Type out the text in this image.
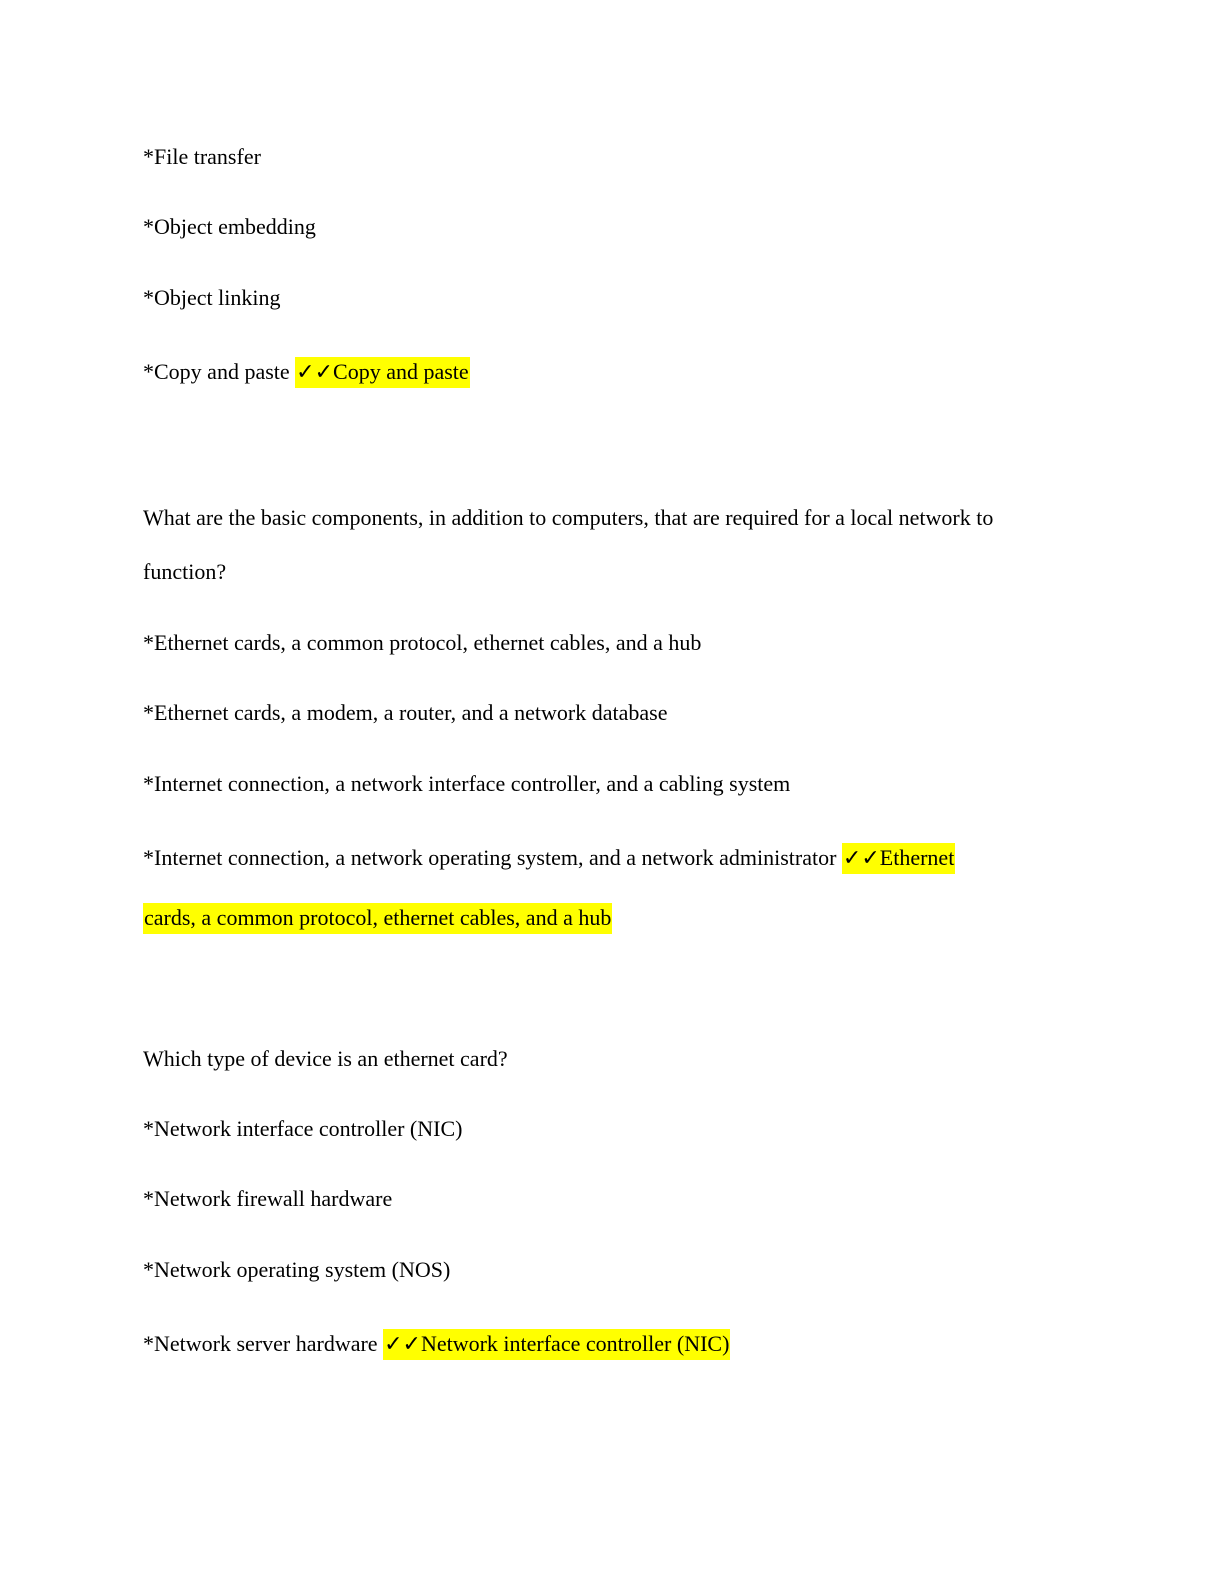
*File transfer
*Object embedding
*Object linking
*Copy and paste ✓✓Copy and paste
What are the basic components, in addition to computers, that are required for a local network to
function?
*Ethernet cards, a common protocol, ethernet cables, and a hub
*Ethernet cards, a modem, a router, and a network database
*Internet connection, a network interface controller, and a cabling system
*Internet connection, a network operating system, and a network administrator ✓✓Ethernet
cards, a common protocol, ethernet cables, and a hub
Which type of device is an ethernet card?
*Network interface controller (NIC)
*Network firewall hardware
*Network operating system (NOS)
*Network server hardware ✓✓Network interface controller (NIC)
